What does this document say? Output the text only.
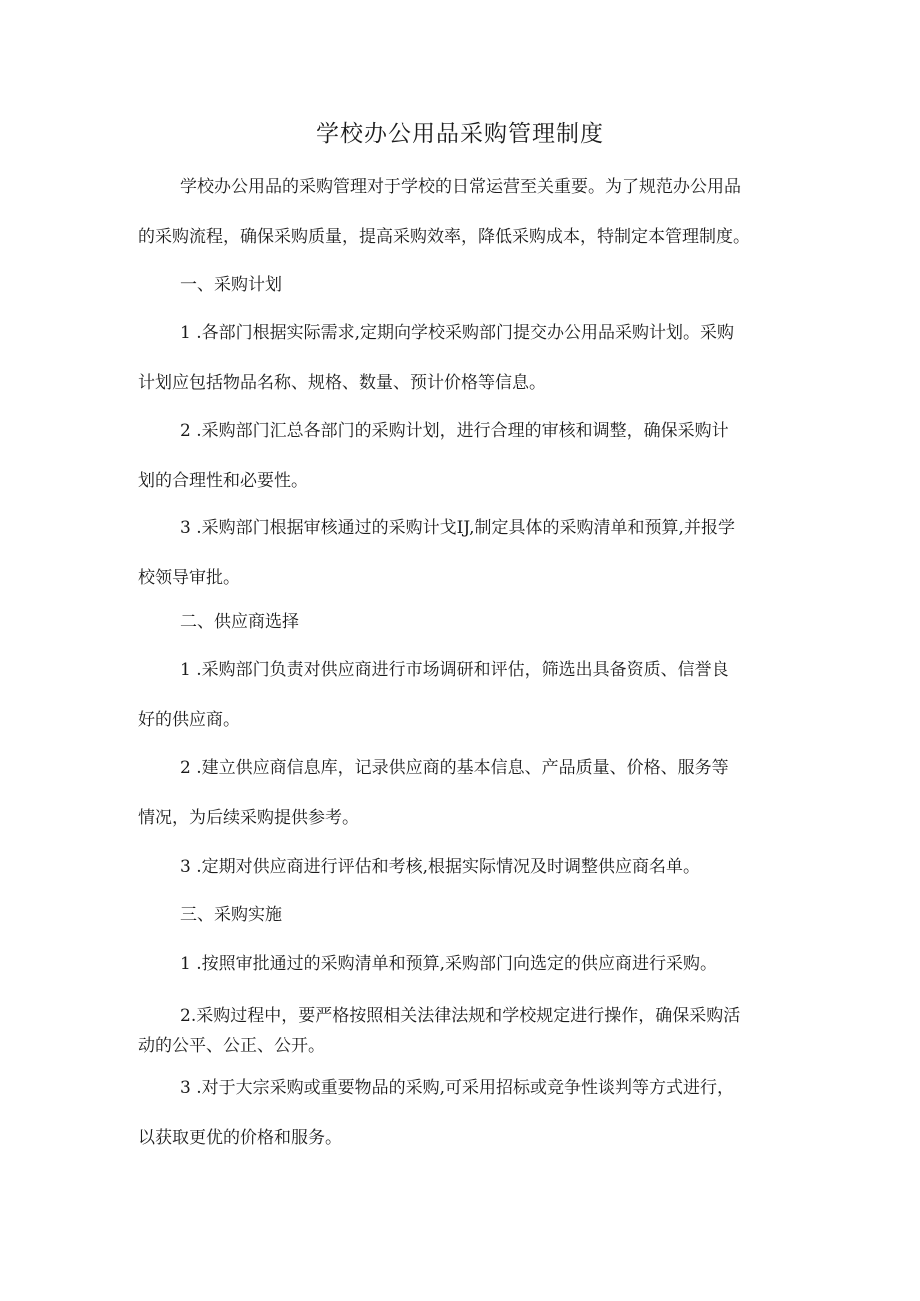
学校办公用品采购管理制度
学校办公用品的采购管理对于学校的日常运营至关重要。为了规范办公用品
的采购流程，确保采购质量，提高采购效率，降低采购成本，特制定本管理制度。
一、采购计划
1 .各部门根据实际需求,定期向学校采购部门提交办公用品采购计划。采购
计划应包括物品名称、规格、数量、预计价格等信息。
2 .采购部门汇总各部门的采购计划，进行合理的审核和调整，确保采购计
划的合理性和必要性。
3 .采购部门根据审核通过的采购计戈IJ,制定具体的采购清单和预算,并报学
校领导审批。
二、供应商选择
1 .采购部门负责对供应商进行市场调研和评估，筛选出具备资质、信誉良
好的供应商。
2 .建立供应商信息库，记录供应商的基本信息、产品质量、价格、服务等
情况，为后续采购提供参考。
3 .定期对供应商进行评估和考核,根据实际情况及时调整供应商名单。
三、采购实施
1 .按照审批通过的采购清单和预算,采购部门向选定的供应商进行采购。
2.采购过程中，要严格按照相关法律法规和学校规定进行操作，确保采购活
动的公平、公正、公开。
3 .对于大宗采购或重要物品的采购,可采用招标或竞争性谈判等方式进行，
以获取更优的价格和服务。
